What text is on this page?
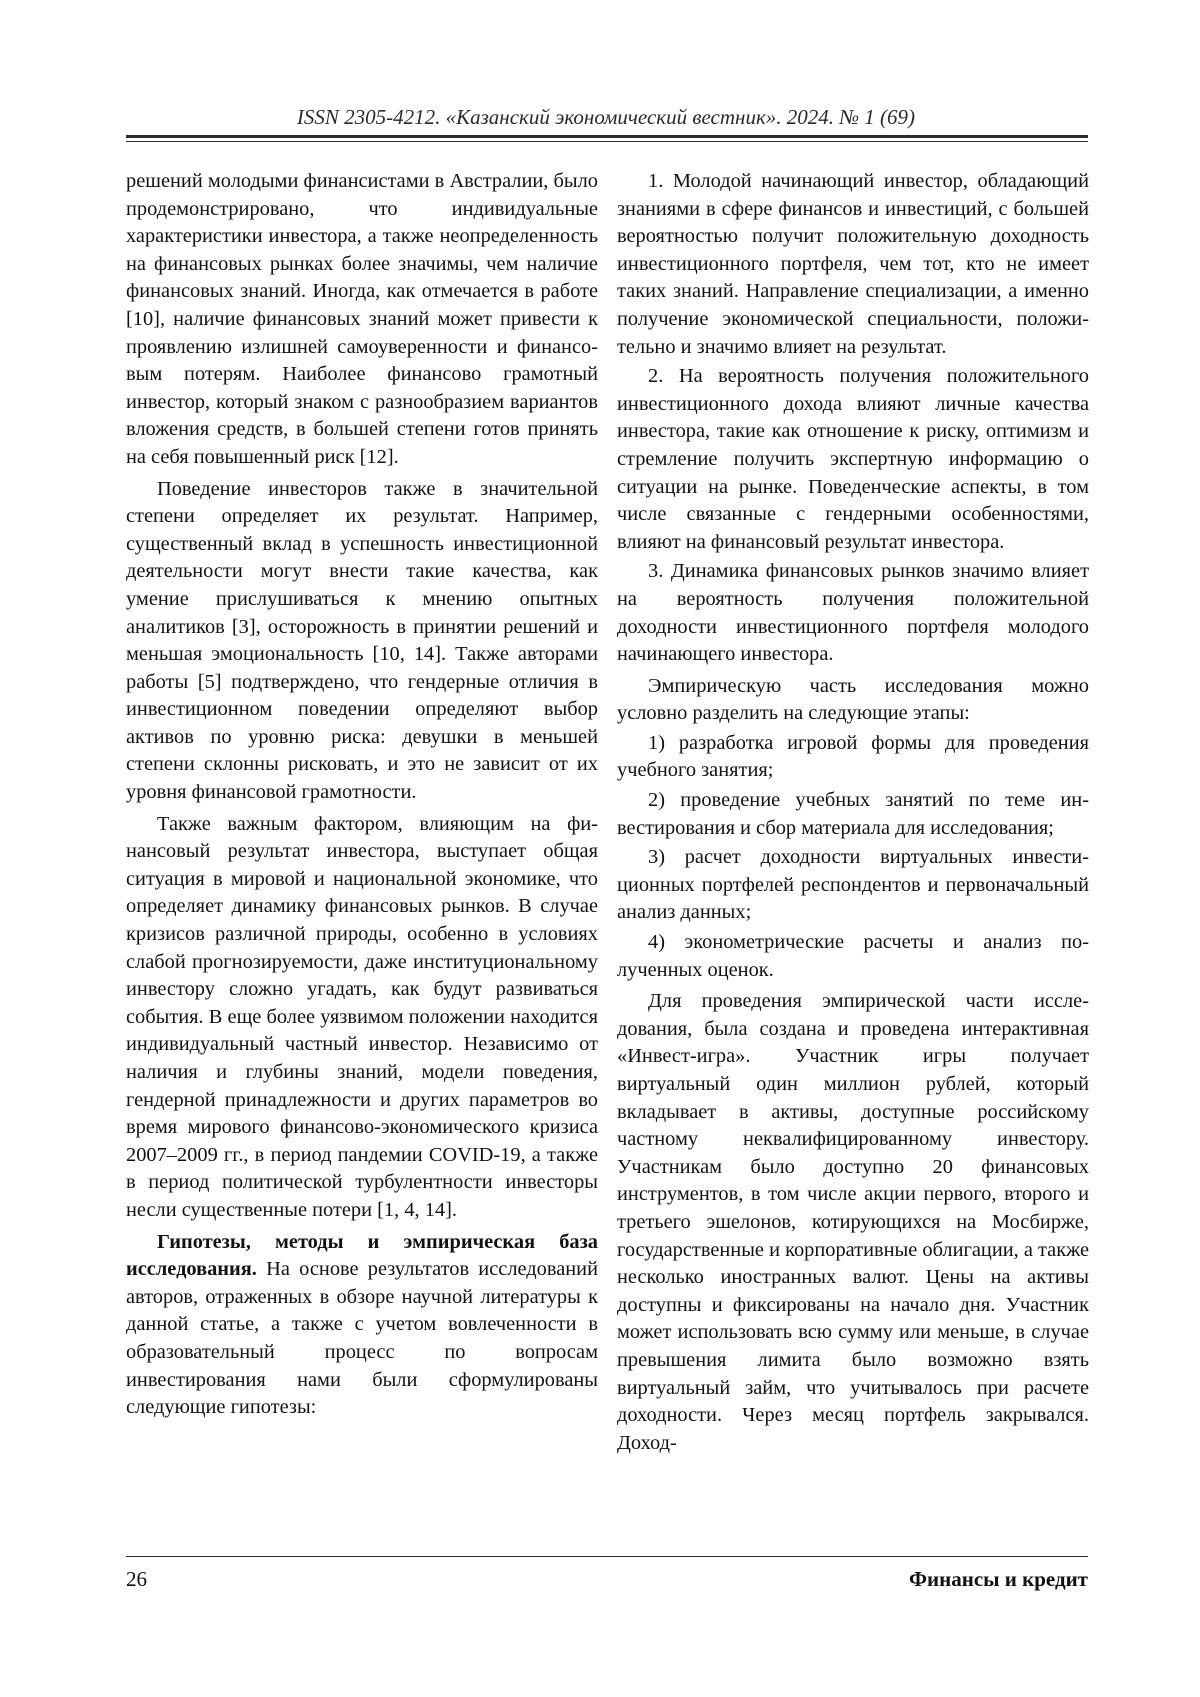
ISSN 2305-4212. «Казанский экономический вестник». 2024. № 1 (69)

решений молодыми финансистами в Австралии, было продемонстрировано, что индивидуальные характеристики инвестора, а также неопределенность на финансовых рынках более значимы, чем наличие финансовых знаний. Иногда, как отмечается в работе [10], наличие финансовых знаний может привести к проявлению излишней самоуверенности и финансовым потерям. Наиболее финансово грамотный инвестор, который знаком с разнообразием вариантов вложения средств, в большей степени готов принять на себя повышенный риск [12].

Поведение инвесторов также в значительной степени определяет их результат. Например, существенный вклад в успешность инвестиционной деятельности могут внести такие качества, как умение прислушиваться к мнению опытных аналитиков [3], осторожность в принятии решений и меньшая эмоциональность [10, 14]. Также авторами работы [5] подтверждено, что гендерные отличия в инвестиционном поведении определяют выбор активов по уровню риска: девушки в меньшей степени склонны рисковать, и это не зависит от их уровня финансовой грамотности.

Также важным фактором, влияющим на финансовый результат инвестора, выступает общая ситуация в мировой и национальной экономике, что определяет динамику финансовых рынков. В случае кризисов различной природы, особенно в условиях слабой прогнозируемости, даже институциональному инвестору сложно угадать, как будут развиваться события. В еще более уязвимом положении находится индивидуальный частный инвестор. Независимо от наличия и глубины знаний, модели поведения, гендерной принадлежности и других параметров во время мирового финансово-экономического кризиса 2007–2009 гг., в период пандемии COVID-19, а также в период политической турбулентности инвесторы несли существенные потери [1, 4, 14].

Гипотезы, методы и эмпирическая база исследования. На основе результатов исследований авторов, отраженных в обзоре научной литературы к данной статье, а также с учетом вовлеченности в образовательный процесс по вопросам инвестирования нами были сформулированы следующие гипотезы:

1. Молодой начинающий инвестор, обладающий знаниями в сфере финансов и инвестиций, с большей вероятностью получит положительную доходность инвестиционного портфеля, чем тот, кто не имеет таких знаний. Направление специализации, а именно получение экономической специальности, положительно и значимо влияет на результат.

2. На вероятность получения положительного инвестиционного дохода влияют личные качества инвестора, такие как отношение к риску, оптимизм и стремление получить экспертную информацию о ситуации на рынке. Поведенческие аспекты, в том числе связанные с гендерными особенностями, влияют на финансовый результат инвестора.

3. Динамика финансовых рынков значимо влияет на вероятность получения положительной доходности инвестиционного портфеля молодого начинающего инвестора.

Эмпирическую часть исследования можно условно разделить на следующие этапы:

1) разработка игровой формы для проведения учебного занятия;

2) проведение учебных занятий по теме инвестирования и сбор материала для исследования;

3) расчет доходности виртуальных инвестиционных портфелей респондентов и первоначальный анализ данных;

4) эконометрические расчеты и анализ полученных оценок.

Для проведения эмпирической части исследования, была создана и проведена интерактивная «Инвест-игра». Участник игры получает виртуальный один миллион рублей, который вкладывает в активы, доступные российскому частному неквалифицированному инвестору. Участникам было доступно 20 финансовых инструментов, в том числе акции первого, второго и третьего эшелонов, котирующихся на Мосбирже, государственные и корпоративные облигации, а также несколько иностранных валют. Цены на активы доступны и фиксированы на начало дня. Участник может использовать всю сумму или меньше, в случае превышения лимита было возможно взять виртуальный займ, что учитывалось при расчете доходности. Через месяц портфель закрывался. Доход-

26	Финансы и кредит
